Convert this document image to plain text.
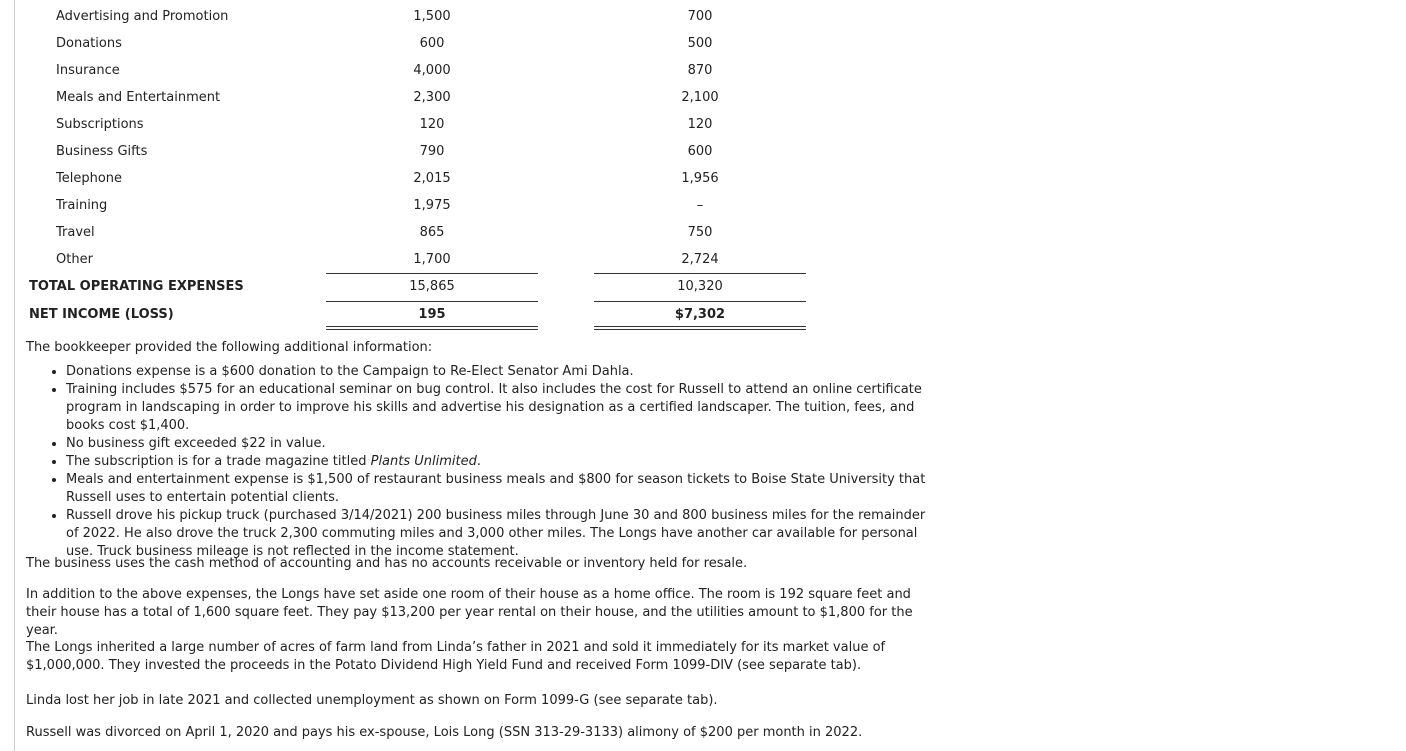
Advertising and Promotion	1,500	700
Donations	600	500
Insurance	4,000	870
Meals and Entertainment	2,300	2,100
Subscriptions	120	120
Business Gifts	790	600
Telephone	2,015	1,956
Training	1,975	–
Travel	865	750
Other	1,700	2,724
TOTAL OPERATING EXPENSES	15,865	10,320
NET INCOME (LOSS)	195	$7,302
The bookkeeper provided the following additional information:
• Donations expense is a $600 donation to the Campaign to Re-Elect Senator Ami Dahla.
• Training includes $575 for an educational seminar on bug control. It also includes the cost for Russell to attend an online certificate program in landscaping in order to improve his skills and advertise his designation as a certified landscaper. The tuition, fees, and books cost $1,400.
• No business gift exceeded $22 in value.
• The subscription is for a trade magazine titled Plants Unlimited.
• Meals and entertainment expense is $1,500 of restaurant business meals and $800 for season tickets to Boise State University that Russell uses to entertain potential clients.
• Russell drove his pickup truck (purchased 3/14/2021) 200 business miles through June 30 and 800 business miles for the remainder of 2022. He also drove the truck 2,300 commuting miles and 3,000 other miles. The Longs have another car available for personal use. Truck business mileage is not reflected in the income statement.

The business uses the cash method of accounting and has no accounts receivable or inventory held for resale.

In addition to the above expenses, the Longs have set aside one room of their house as a home office. The room is 192 square feet and their house has a total of 1,600 square feet. They pay $13,200 per year rental on their house, and the utilities amount to $1,800 for the year.

The Longs inherited a large number of acres of farm land from Linda’s father in 2021 and sold it immediately for its market value of $1,000,000. They invested the proceeds in the Potato Dividend High Yield Fund and received Form 1099-DIV (see separate tab).

Linda lost her job in late 2021 and collected unemployment as shown on Form 1099-G (see separate tab).

Russell was divorced on April 1, 2020 and pays his ex-spouse, Lois Long (SSN 313-29-3133) alimony of $200 per month in 2022.
